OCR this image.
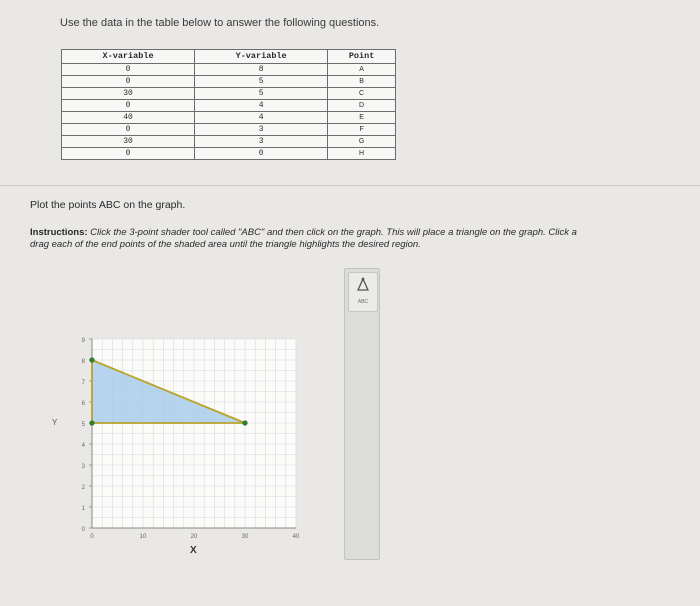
Use the data in the table below to answer the following questions.
X-variable	Y-variable	Point
0	8	A
0	5	B
30	5	C
0	4	D
40	4	E
0	3	F
30	3	G
0	0	H
Plot the points ABC on the graph.
Instructions: Click the 3-point shader tool called "ABC" and then click on the graph. This will place a triangle on the graph. Click a
drag each of the end points of the shaded area until the triangle highlights the desired region.
0
1
2
3
4
5
6
7
8
9
0	10	20	30	40
Y
X
ABC
